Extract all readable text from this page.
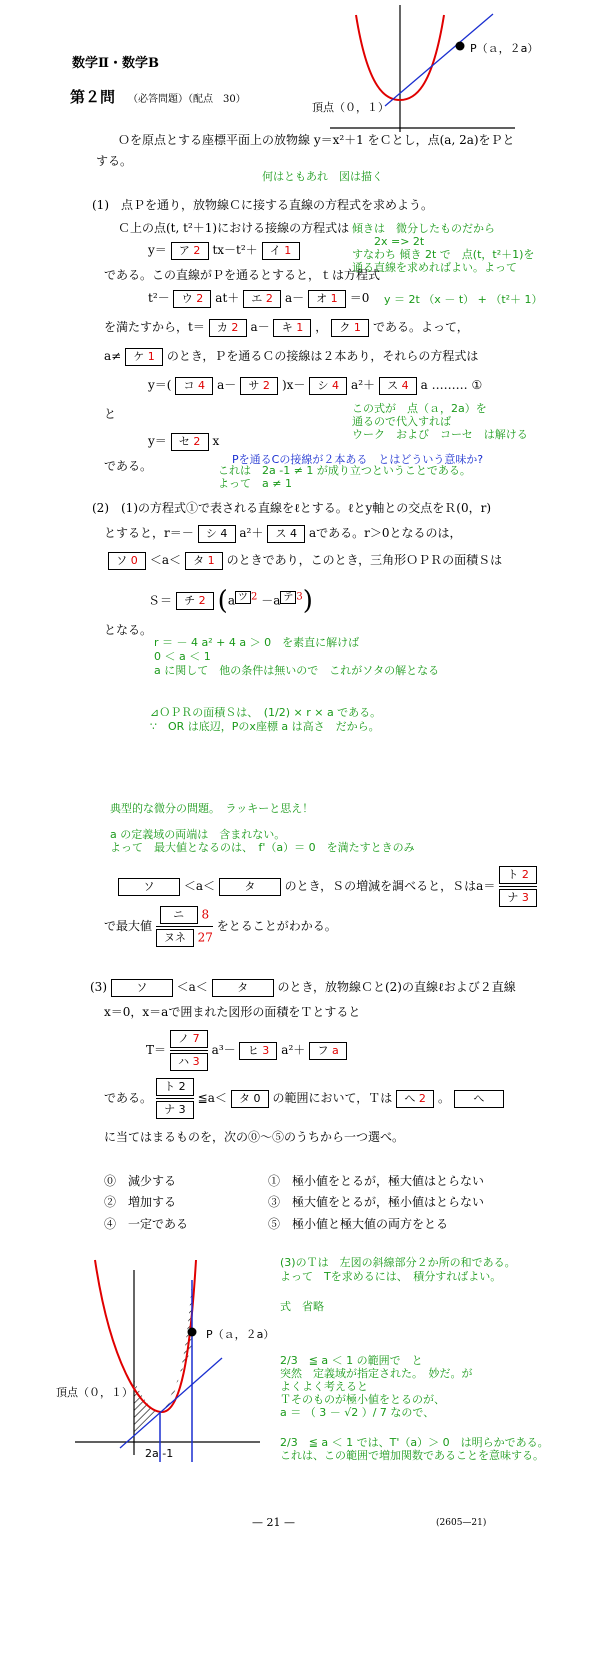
P（ａ，２a）
頂点（０，１）
数学Ⅱ・数学B
第２問 （必答問題）（配点　30）
Ｏを原点とする座標平面上の放物線 y＝x²＋1 をＣとし，点(a, 2a)をＰと
する。
何はともあれ　図は描く
(1)　点Ｐを通り，放物線Ｃに接する直線の方程式を求めよう。
Ｃ上の点(t, t²＋1)における接線の方程式は
y＝ ア 2 tx－t²＋ イ 1
傾きは　微分したものだから
　　2x => 2t
すなわち 傾き 2t で　点(t，t²＋1)を
通る直線を求めればよい。よって
である。この直線がＰを通るとすると，ｔは方程式
t²－ ウ 2 at＋ エ 2 a－ オ 1 ＝0 y ＝ 2t （x － t） + （t²＋ 1）
を満たすから，t＝ カ 2 a－ キ 1 ， ク 1 である。よって，
a≠ ケ 1 のとき，Ｐを通るＣの接線は２本あり，それらの方程式は
y＝( コ 4 a－ サ 2 )x－ シ 4 a²＋ ス 4 a ……… ①
と	この式が　点（ａ，2a）を
通るので代入すれば
ウーク　および　コーセ　は解ける
y＝ セ 2 x
Pを通るCの接線が２本ある　とはどういう意味か?
これは　2a -1 ≠ 1 が成り立つということである。
よって　a ≠ 1
である。
(2)　(1)の方程式①で表される直線をℓとする。ℓとy軸との交点をＲ(0，r)
とすると，r＝－ シ 4 a²＋ ス 4 aである。r＞0となるのは，
ソ 0 ＜a＜ タ 1 のときであり，このとき，三角形ＯＰＲの面積Ｓは
Ｓ＝ チ 2 (a $^{ツ 2}$ －a $^{テ 3}$)
となる。
r ＝ － 4 a² + 4 a ＞ 0　を素直に解けば
0 ＜ a ＜ 1
a に関して　他の条件は無いので　これがソタの解となる
⊿ＯＰＲの面積Ｓは、　(1/2) × r × a である。
∵　OR は底辺，Pのx座標 a は高さ　だから。
典型的な微分の問題。　ラッキーと思え！
a の定義域の両端は　含まれない。
よって　最大値となるのは、　f'（a）＝ 0　を満たすときのみ
ソ ＜a＜	タ のとき，Ｓの増減を調べると，Ｓは$a= \frac{\text{ト 2}}{\text{ナ 3}}$
で最大値 $\frac{\text{ニ 8}}{\text{ヌネ 27}}$ をとることがわかる。
(3)	ソ ＜a＜	タ のとき，放物線Ｃと(2)の直線ℓおよび２直線
x＝0，x＝aで囲まれた図形の面積をＴとすると
$T= \frac{\text{ノ 7}}{\text{ハ 3}} a^3-$ ヒ 3 a²＋ フ a
である。 $\frac{\text{ト 2}}{\text{ナ 3}}$ ≦a＜ タ 0 の範囲において，Ｔは へ 2 。 へ
に当てはまるものを，次の⓪～⑤のうちから一つ選べ。
⓪　減少する	①　極小値をとるが，極大値はとらない
②　増加する	③　極大値をとるが，極小値はとらない
④　一定である	⑤　極小値と極大値の両方をとる
P（ａ，２a）
頂点（０，１）
2a -1
(3)のＴは　左図の斜線部分２か所の和である。
よって　Tを求めるには、　積分すればよい。
式　省略
2/3　≦ a ＜ 1 の範囲で　と
突然　定義域が指定された。　妙だ。が
よくよく考えると
Ｔそのものが極小値をとるのが、
a ＝ （ 3 － √2 ）/ 7 なので、
2/3　≦ a ＜ 1 では、T'（a）＞ 0　は明らかである。
これは、この範囲で増加関数であることを意味する。
— 21 —	(2605—21)
